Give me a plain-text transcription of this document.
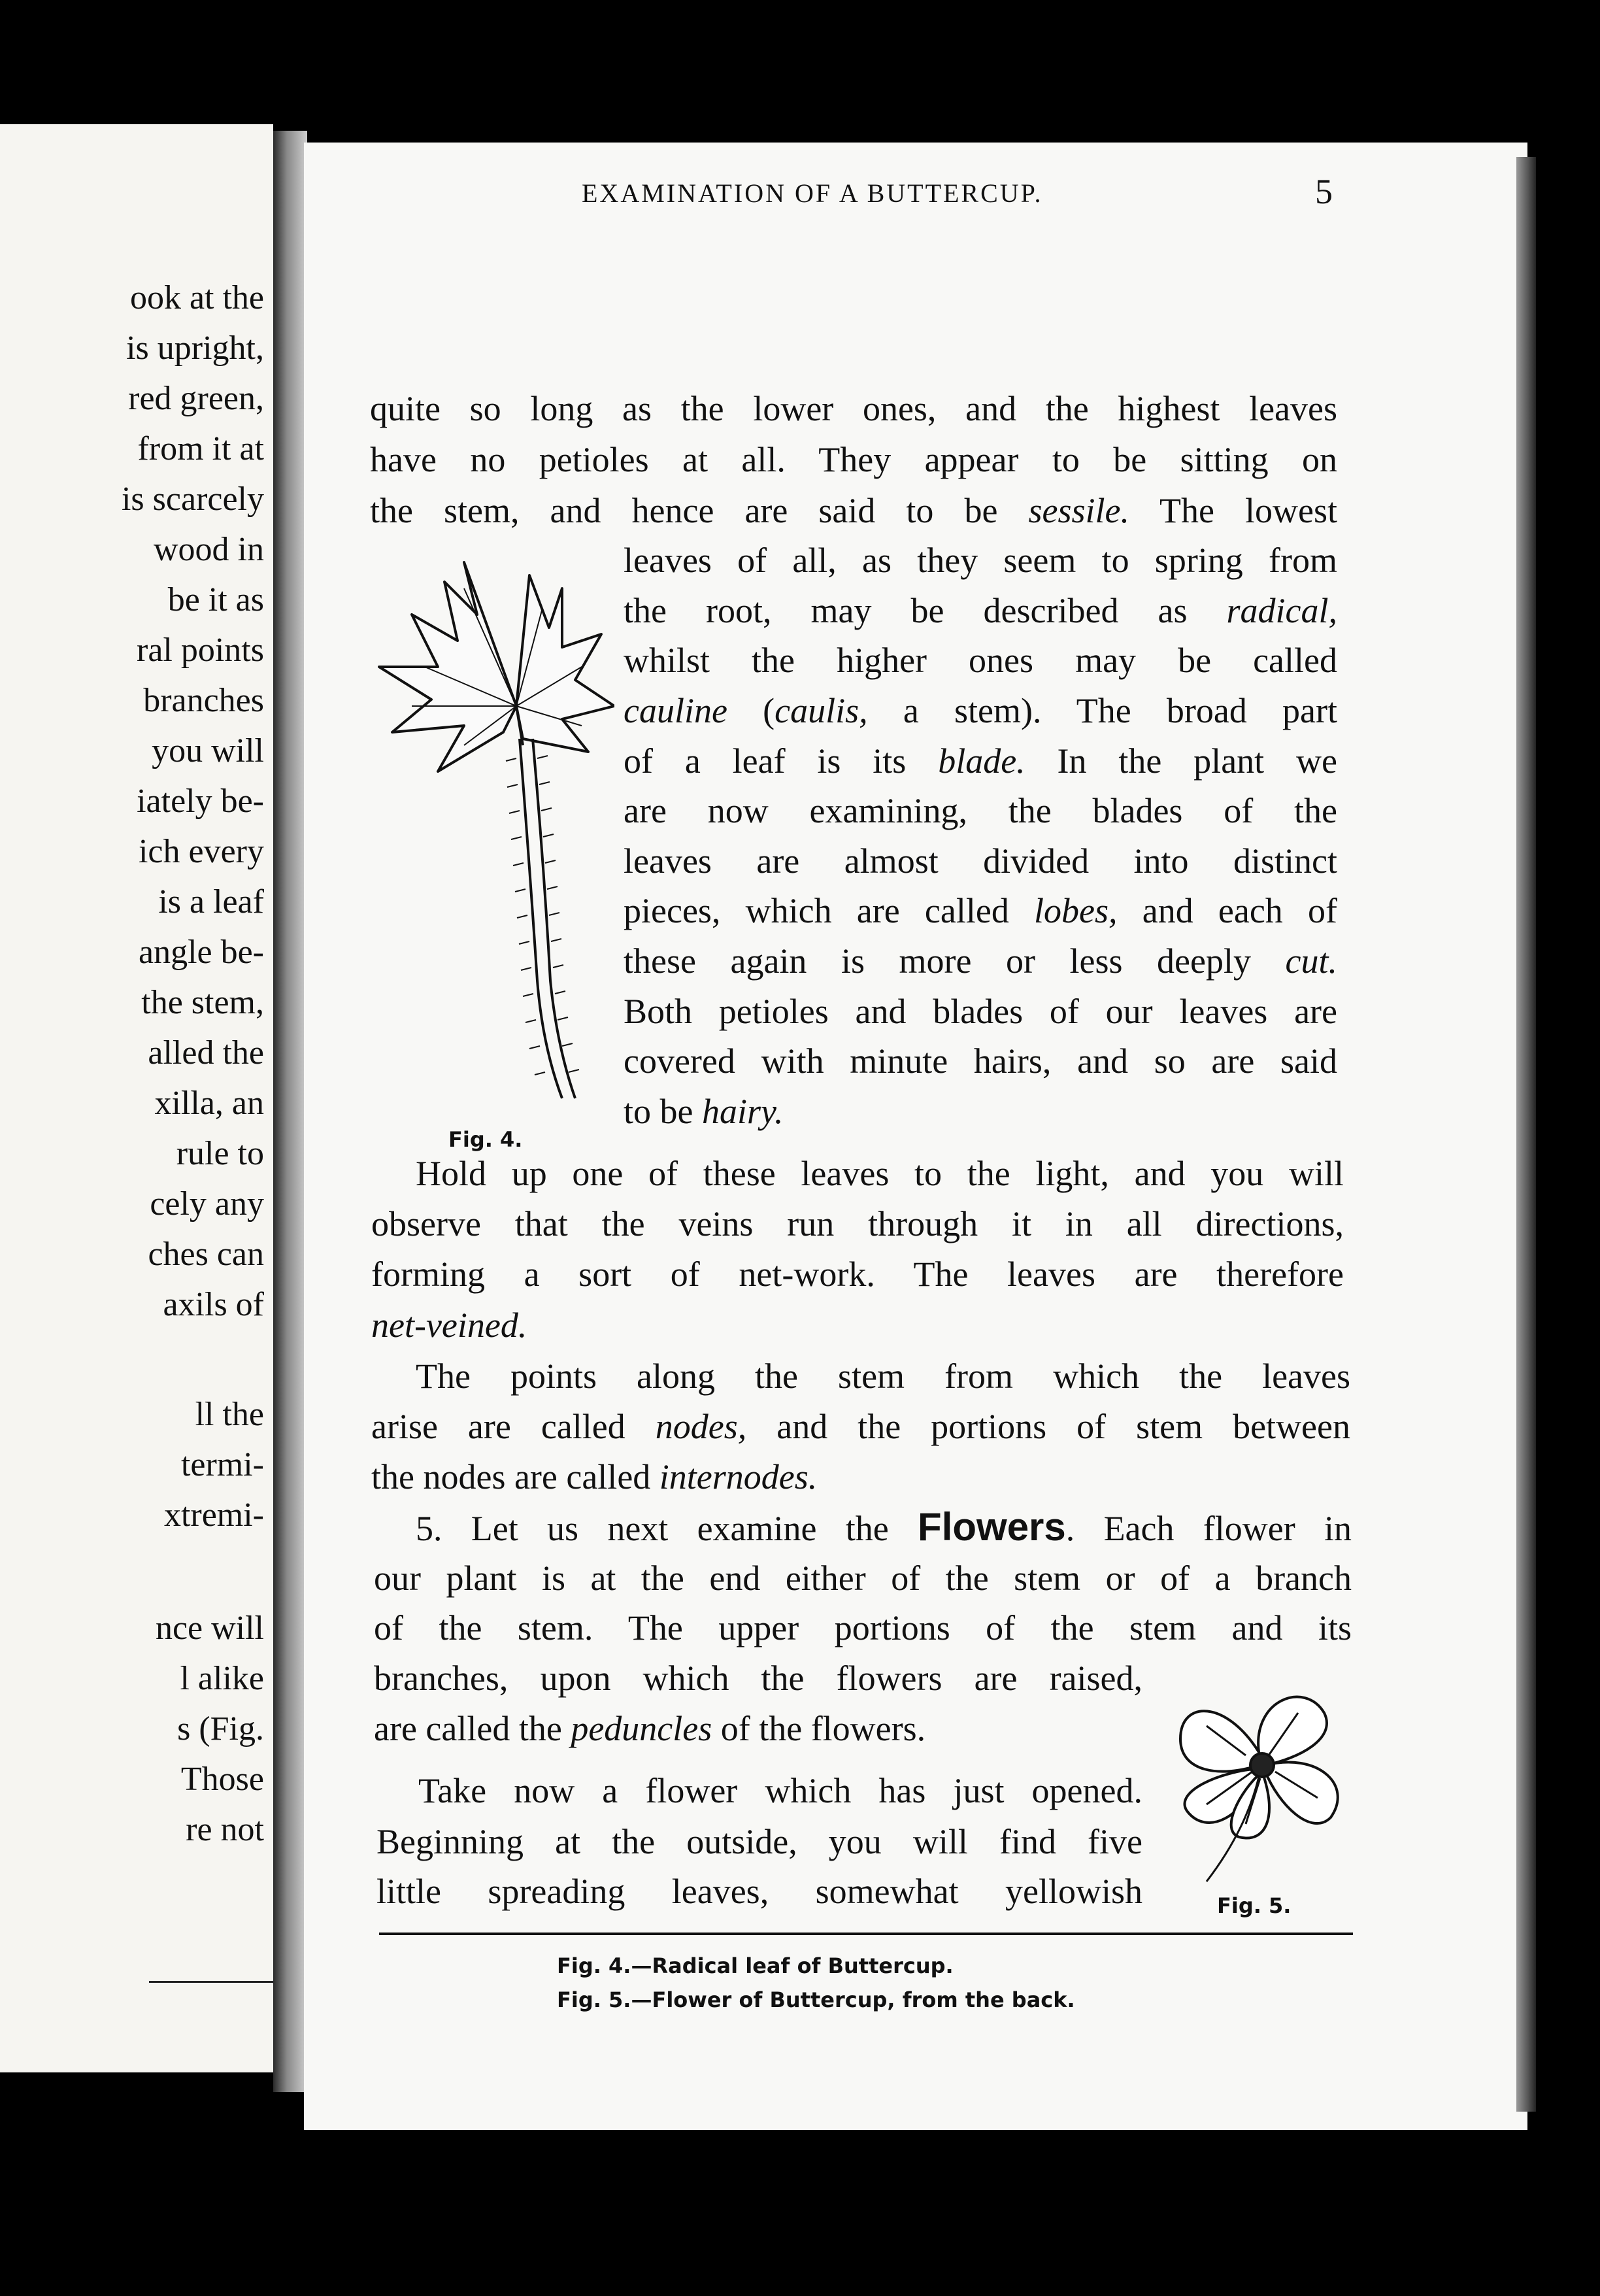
ook at the
is upright,
red green,
from it at
is scarcely
wood in
be it as
ral points
branches
you will
iately be-
ich every
is a leaf
angle be-
the stem,
alled the
xilla, an
rule to
cely any
ches can
axils of
ll the
termi-
xtremi-
nce will
l alike
s (Fig.
Those
re not
EXAMINATION OF A BUTTERCUP.	5
quite so long as the lower ones, and the highest leaves
have no petioles at all. They appear to be sitting on
the stem, and hence are said to be sessile. The lowest
leaves of all, as they seem to spring from
the root, may be described as radical,
whilst the higher ones may be called
cauline (caulis, a stem). The broad part
of a leaf is its blade. In the plant we
are now examining, the blades of the
leaves are almost divided into distinct
pieces, which are called lobes, and each of
these again is more or less deeply cut.
Both petioles and blades of our leaves are
covered with minute hairs, and so are said
to be hairy.
Hold up one of these leaves to the light, and you will
observe that the veins run through it in all directions,
forming a sort of net-work. The leaves are therefore
net-veined.
The points along the stem from which the leaves
arise are called nodes, and the portions of stem between
the nodes are called internodes.
5. Let us next examine the Flowers. Each flower in
our plant is at the end either of the stem or of a branch
of the stem. The upper portions of the stem and its
branches, upon which the flowers are raised,
are called the peduncles of the flowers.
Take now a flower which has just opened.
Beginning at the outside, you will find five
little spreading leaves, somewhat yellowish
Fig. 4.
Fig. 5.
Fig. 4.—Radical leaf of Buttercup.
Fig. 5.—Flower of Buttercup, from the back.
